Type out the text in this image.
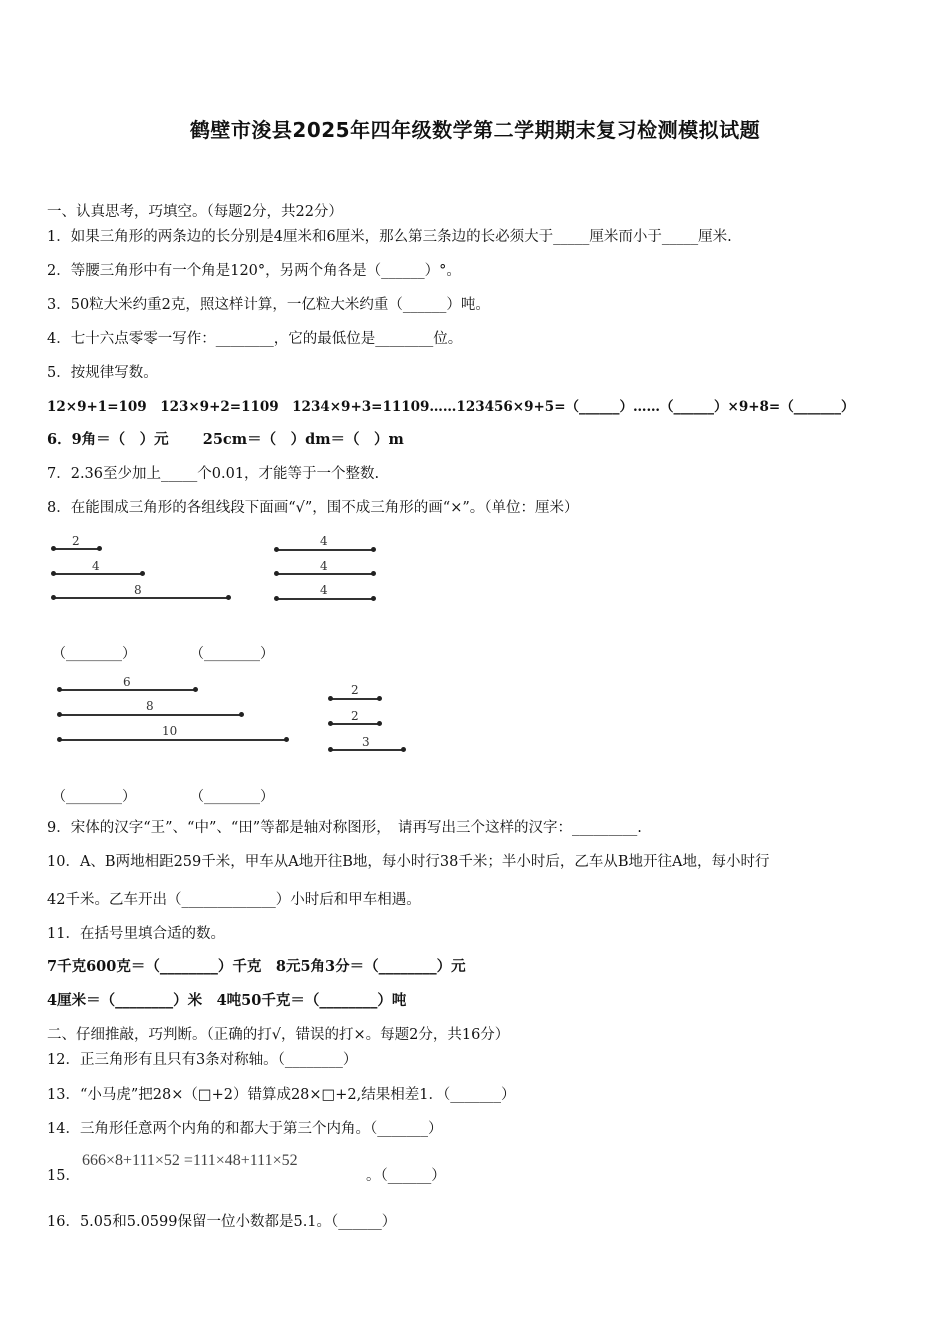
鹤壁市浚县2025年四年级数学第二学期期末复习检测模拟试题
一、认真思考，巧填空。（每题2分，共22分）
1．如果三角形的两条边的长分别是4厘米和6厘米，那么第三条边的长必须大于_____厘米而小于_____厘米.
2．等腰三角形中有一个角是120°，另两个角各是（______）°。
3．50粒大米约重2克，照这样计算，一亿粒大米约重（______）吨。
4．七十六点零零一写作：________，它的最低位是________位。
5．按规律写数。
12×9+1=109　123×9+2=1109　1234×9+3=11109……123456×9+5=（______）……（______）×9+8=（_______）
6．9角＝（　）元　　 25cm＝（　）dm＝（　）m
7．2.36至少加上_____个0.01，才能等于一个整数.
8．在能围成三角形的各组线段下面画“√”，围不成三角形的画“×”。（单位：厘米）
2
4
8
4
4
4
（________）	（________）
6
8
10
2
2
3
（________）	（________）
9．宋体的汉字“王”、“中”、“田”等都是轴对称图形，　请再写出三个这样的汉字：_________.
10．A、B两地相距259千米，甲车从A地开往B地，每小时行38千米；半小时后，乙车从B地开往A地，每小时行
42千米。乙车开出（_____________）小时后和甲车相遇。
11．在括号里填合适的数。
7千克600克＝（________）千克　8元5角3分＝（________）元
4厘米＝（________）米　4吨50千克＝（________）吨
二、仔细推敲，巧判断。（正确的打√，错误的打×。每题2分，共16分）
12．正三角形有且只有3条对称轴。（________）
13．“小马虎”把28×（□+2）错算成28×□+2,结果相差1．（_______）
14．三角形任意两个内角的和都大于第三个内角。（_______）
15．
666×8+111×52 =111×48+111×52
。（______）
16．5.05和5.0599保留一位小数都是5.1。（______）
